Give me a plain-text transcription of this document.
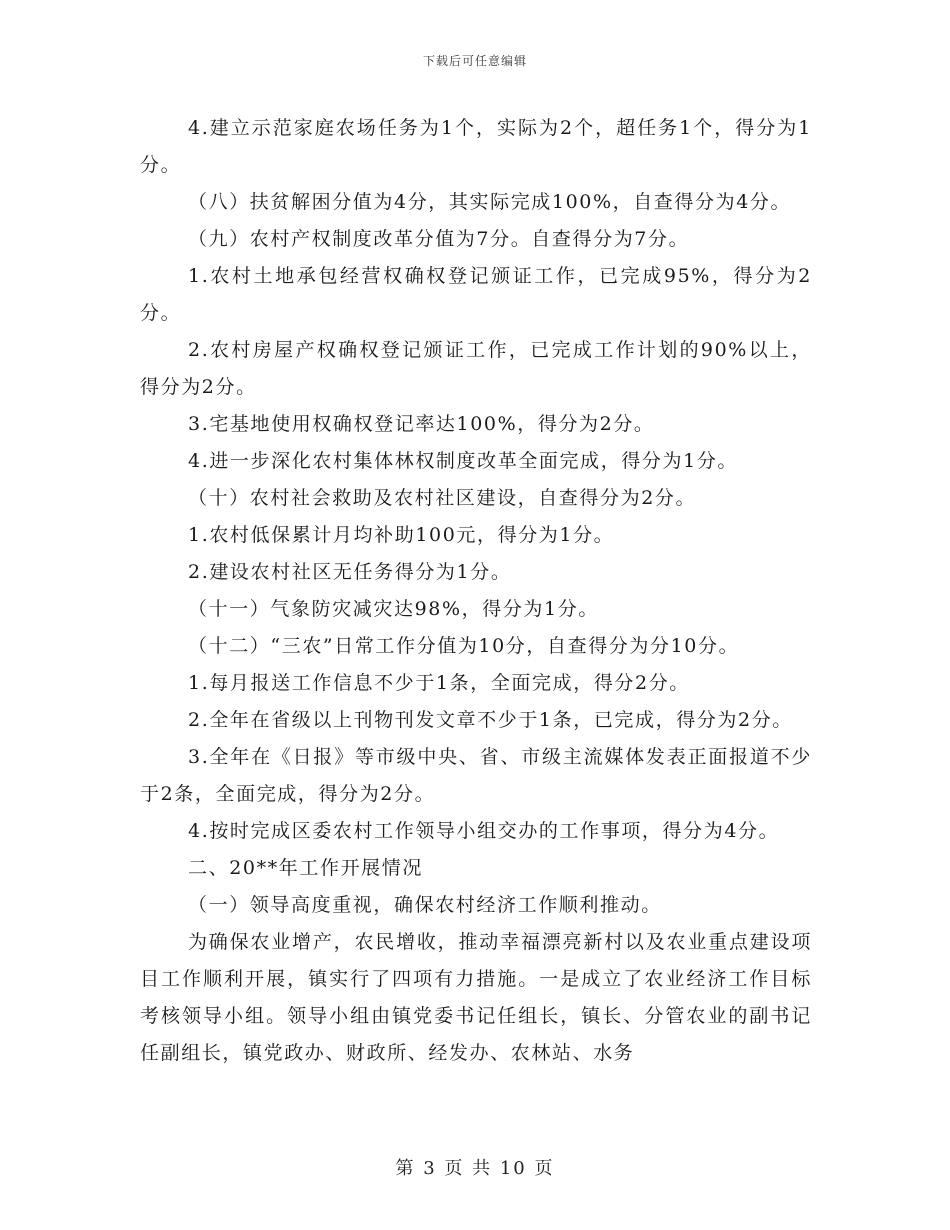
下载后可任意编辑

4.建立示范家庭农场任务为1个，实际为2个，超任务1个，得分为1分。

（八）扶贫解困分值为4分，其实际完成100%，自查得分为4分。

（九）农村产权制度改革分值为7分。自查得分为7分。

1.农村土地承包经营权确权登记颁证工作，已完成95%，得分为2分。

2.农村房屋产权确权登记颁证工作，已完成工作计划的90%以上，得分为2分。

3.宅基地使用权确权登记率达100%，得分为2分。

4.进一步深化农村集体林权制度改革全面完成，得分为1分。

（十）农村社会救助及农村社区建设，自查得分为2分。

1.农村低保累计月均补助100元，得分为1分。

2.建设农村社区无任务得分为1分。

（十一）气象防灾减灾达98%，得分为1分。

（十二）“三农”日常工作分值为10分，自查得分为分10分。

1.每月报送工作信息不少于1条，全面完成，得分2分。

2.全年在省级以上刊物刊发文章不少于1条，已完成，得分为2分。

3.全年在《日报》等市级中央、省、市级主流媒体发表正面报道不少于2条，全面完成，得分为2分。

4.按时完成区委农村工作领导小组交办的工作事项，得分为4分。

二、20**年工作开展情况

（一）领导高度重视，确保农村经济工作顺利推动。

为确保农业增产，农民增收，推动幸福漂亮新村以及农业重点建设项目工作顺利开展，镇实行了四项有力措施。一是成立了农业经济工作目标考核领导小组。领导小组由镇党委书记任组长，镇长、分管农业的副书记任副组长，镇党政办、财政所、经发办、农林站、水务

第 3 页 共 10 页
